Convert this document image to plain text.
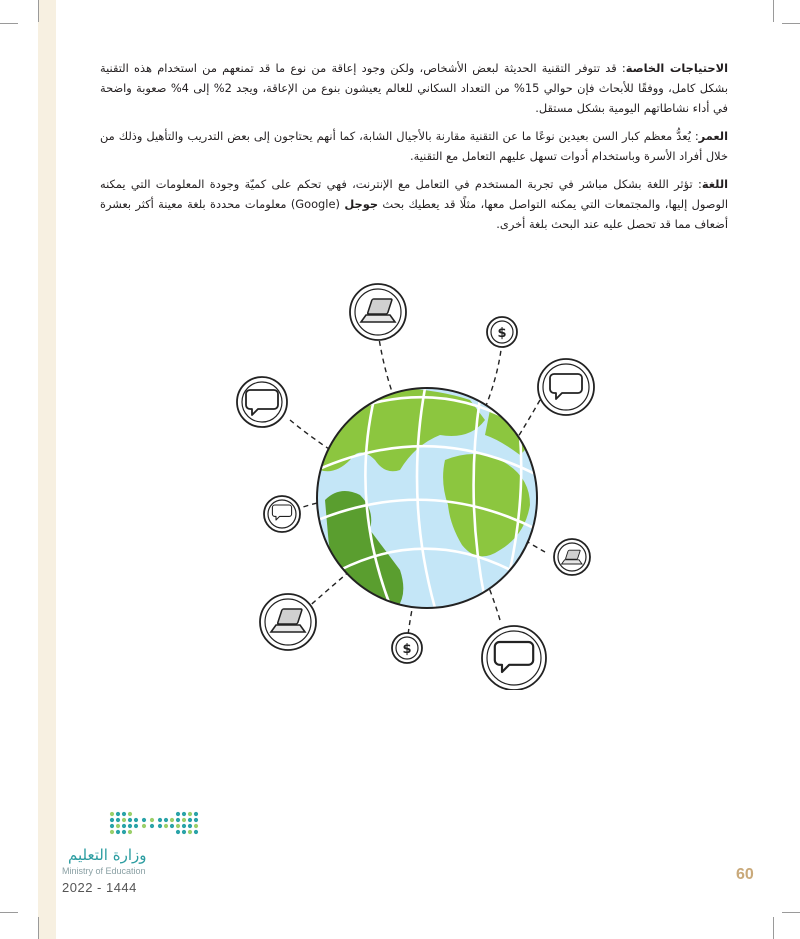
الاحتياجات الخاصة: قد تتوفر التقنية الحديثة لبعض الأشخاص، ولكن وجود إعاقة من نوع ما قد تمنعهم من استخدام هذه التقنية بشكل كامل، ووفقًا للأبحاث فإن حوالي 15% من التعداد السكاني للعالم يعيشون بنوع من الإعاقة، ويجد 2% إلى 4% صعوبة واضحة في أداء نشاطاتهم اليومية بشكل مستقل.

العمر: يُعدُّ معظم كبار السن بعيدين نوعًا ما عن التقنية مقارنة بالأجيال الشابة، كما أنهم يحتاجون إلى بعض التدريب والتأهيل وذلك من خلال أفراد الأسرة وباستخدام أدوات تسهل عليهم التعامل مع التقنية.

اللغة: تؤثر اللغة بشكل مباشر في تجربة المستخدم في التعامل مع الإنترنت، فهي تحكم على كميّة وجودة المعلومات التي يمكنه الوصول إليها، والمجتمعات التي يمكنه التواصل معها، مثلًا قد يعطيك بحث جوجل (Google) معلومات محددة بلغة معينة أكثر بعشرة أضعاف مما قد تحصل عليه عند البحث بلغة أخرى.

$
$
وزارة التعليم
Ministry of Education
2022 - 1444
60
